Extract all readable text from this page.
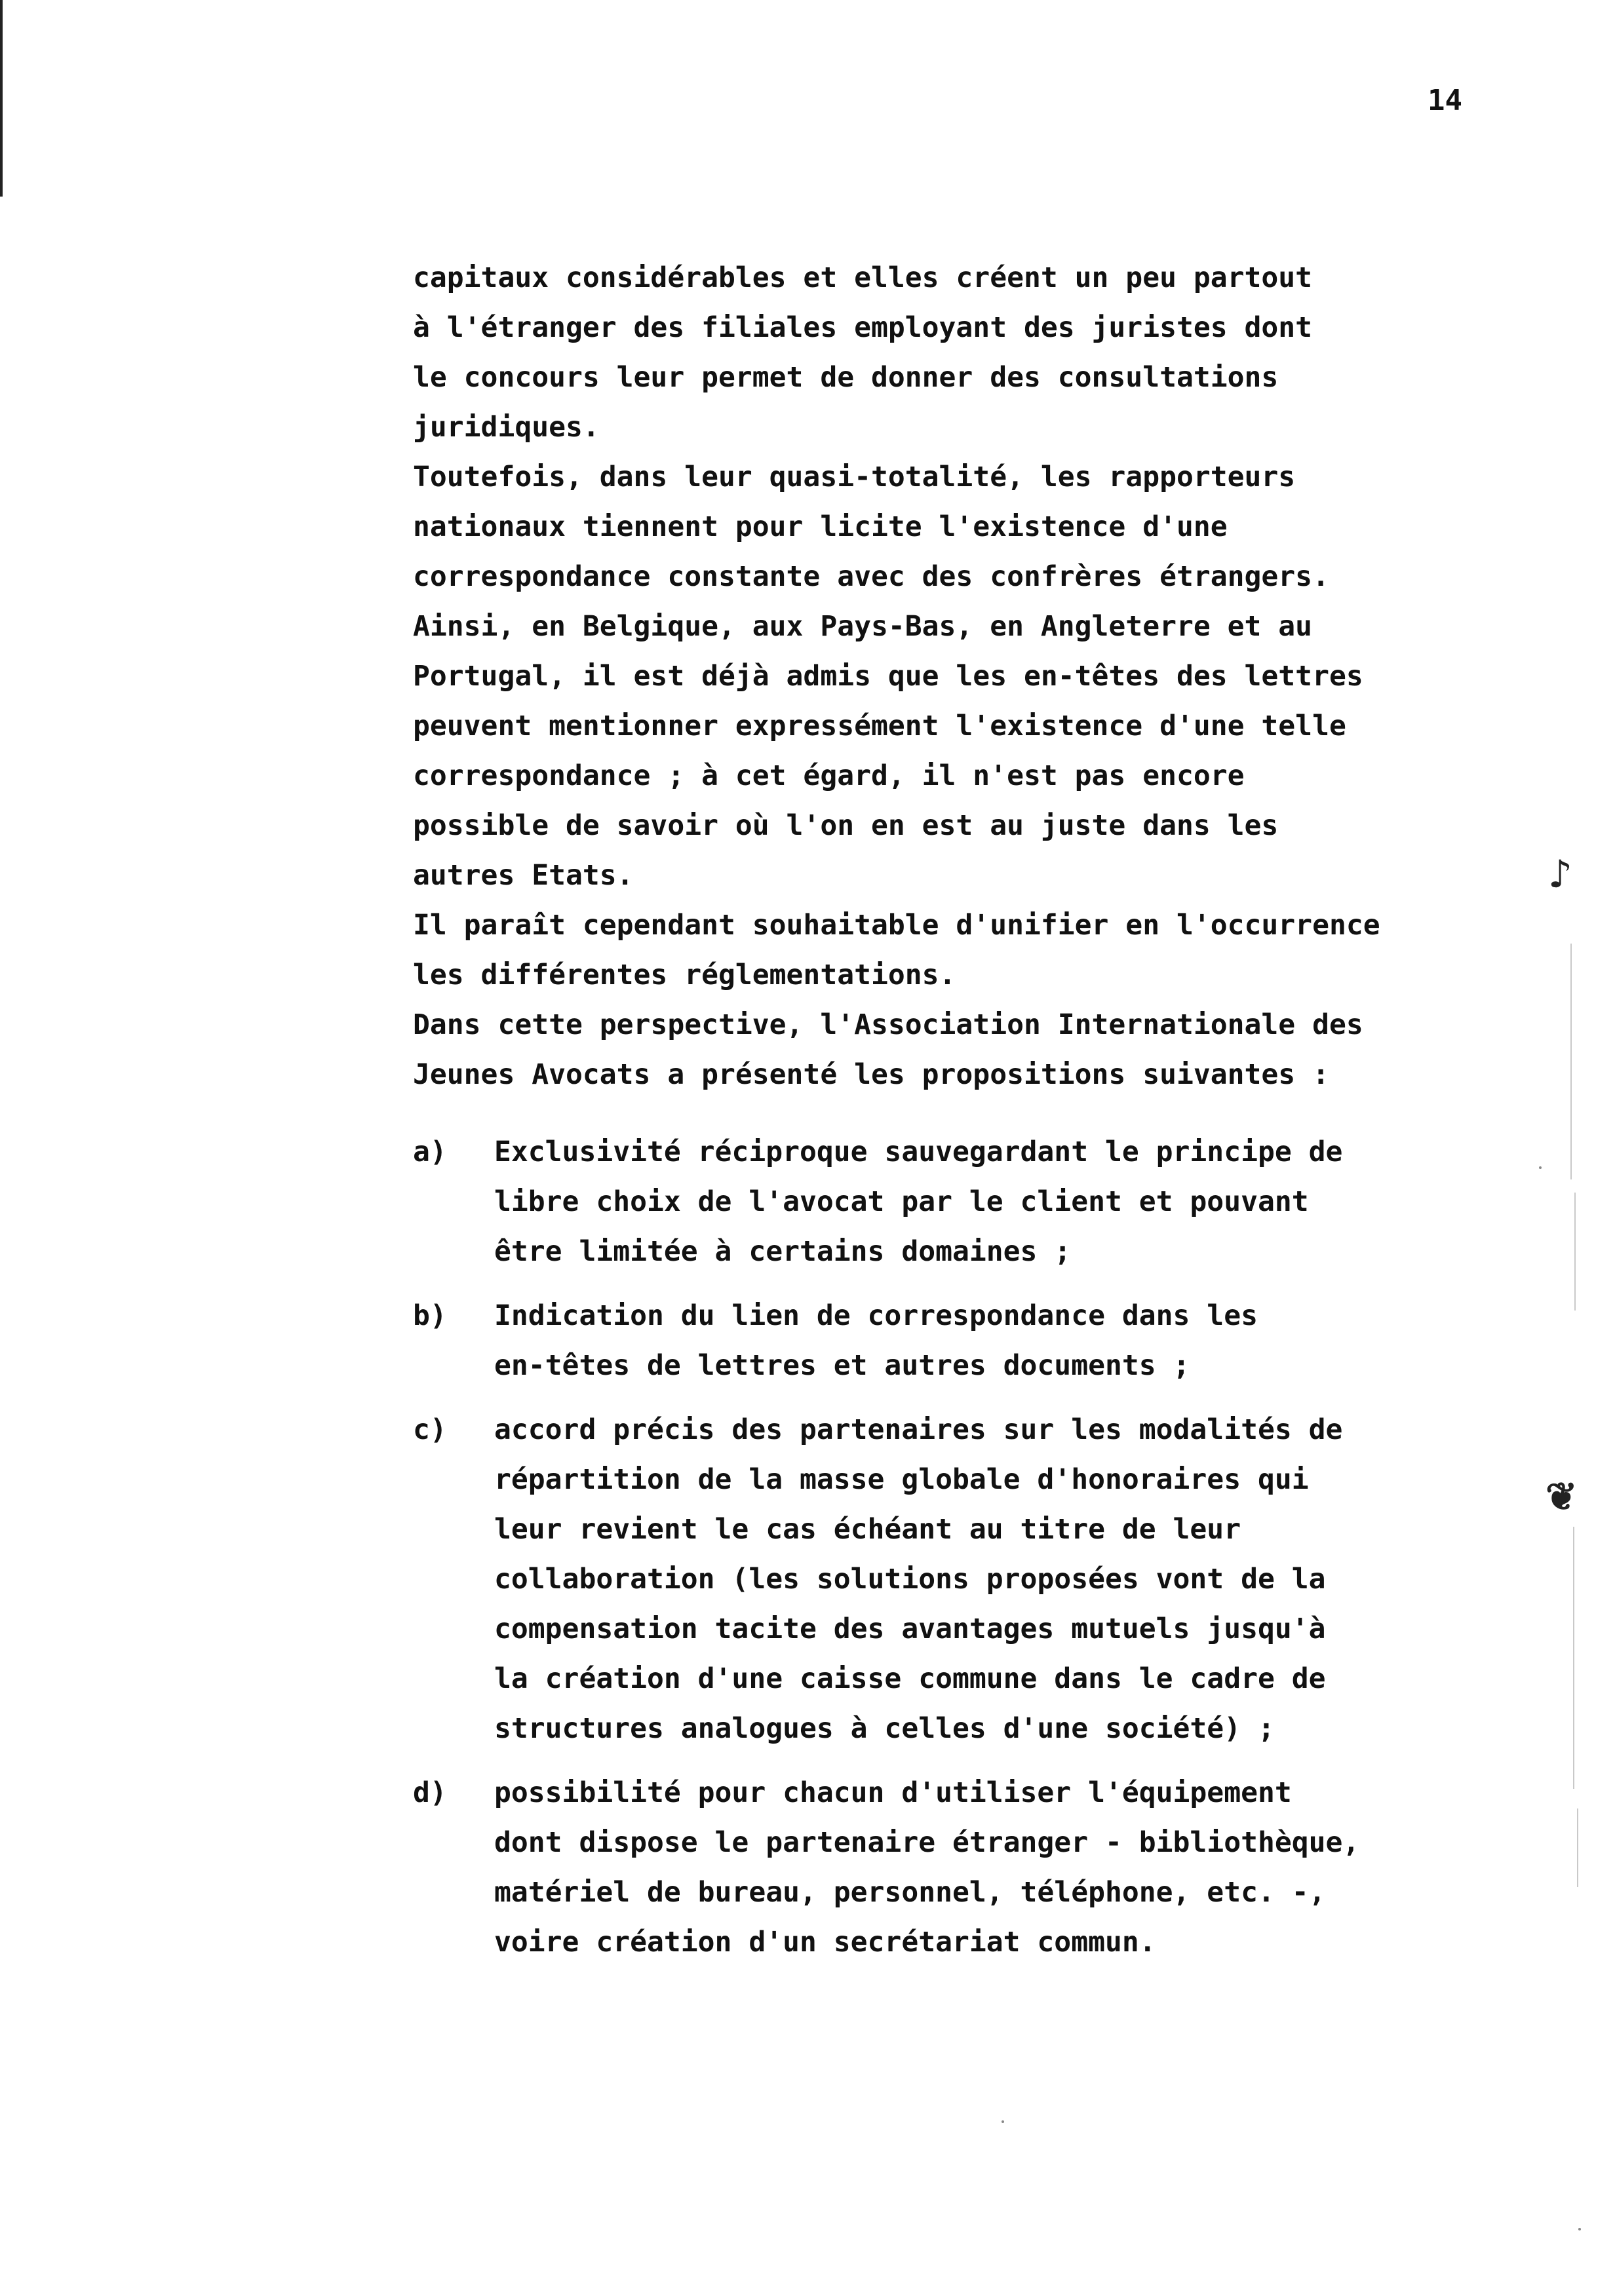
14
capitaux considérables et elles créent un peu partout
à l'étranger des filiales employant des juristes dont
le concours leur permet de donner des consultations
juridiques.
Toutefois, dans leur quasi-totalité, les rapporteurs
nationaux tiennent pour licite l'existence d'une
correspondance constante avec des confrères étrangers.
Ainsi, en Belgique, aux Pays-Bas, en Angleterre et au
Portugal, il est déjà admis que les en-têtes des lettres
peuvent mentionner expressément l'existence d'une telle
correspondance ; à cet égard, il n'est pas encore
possible de savoir où l'on en est au juste dans les
autres Etats.
Il paraît cependant souhaitable d'unifier en l'occurrence
les différentes réglementations.
Dans cette perspective, l'Association Internationale des
Jeunes Avocats a présenté les propositions suivantes :
a) Exclusivité réciproque sauvegardant le principe de
libre choix de l'avocat par le client et pouvant
être limitée à certains domaines ;
b) Indication du lien de correspondance dans les
en-têtes de lettres et autres documents ;
c) accord précis des partenaires sur les modalités de
répartition de la masse globale d'honoraires qui
leur revient le cas échéant au titre de leur
collaboration (les solutions proposées vont de la
compensation tacite des avantages mutuels jusqu'à
la création d'une caisse commune dans le cadre de
structures analogues à celles d'une société) ;
d) possibilité pour chacun d'utiliser l'équipement
dont dispose le partenaire étranger - bibliothèque,
matériel de bureau, personnel, téléphone, etc. -,
voire création d'un secrétariat commun.
♪
❦
